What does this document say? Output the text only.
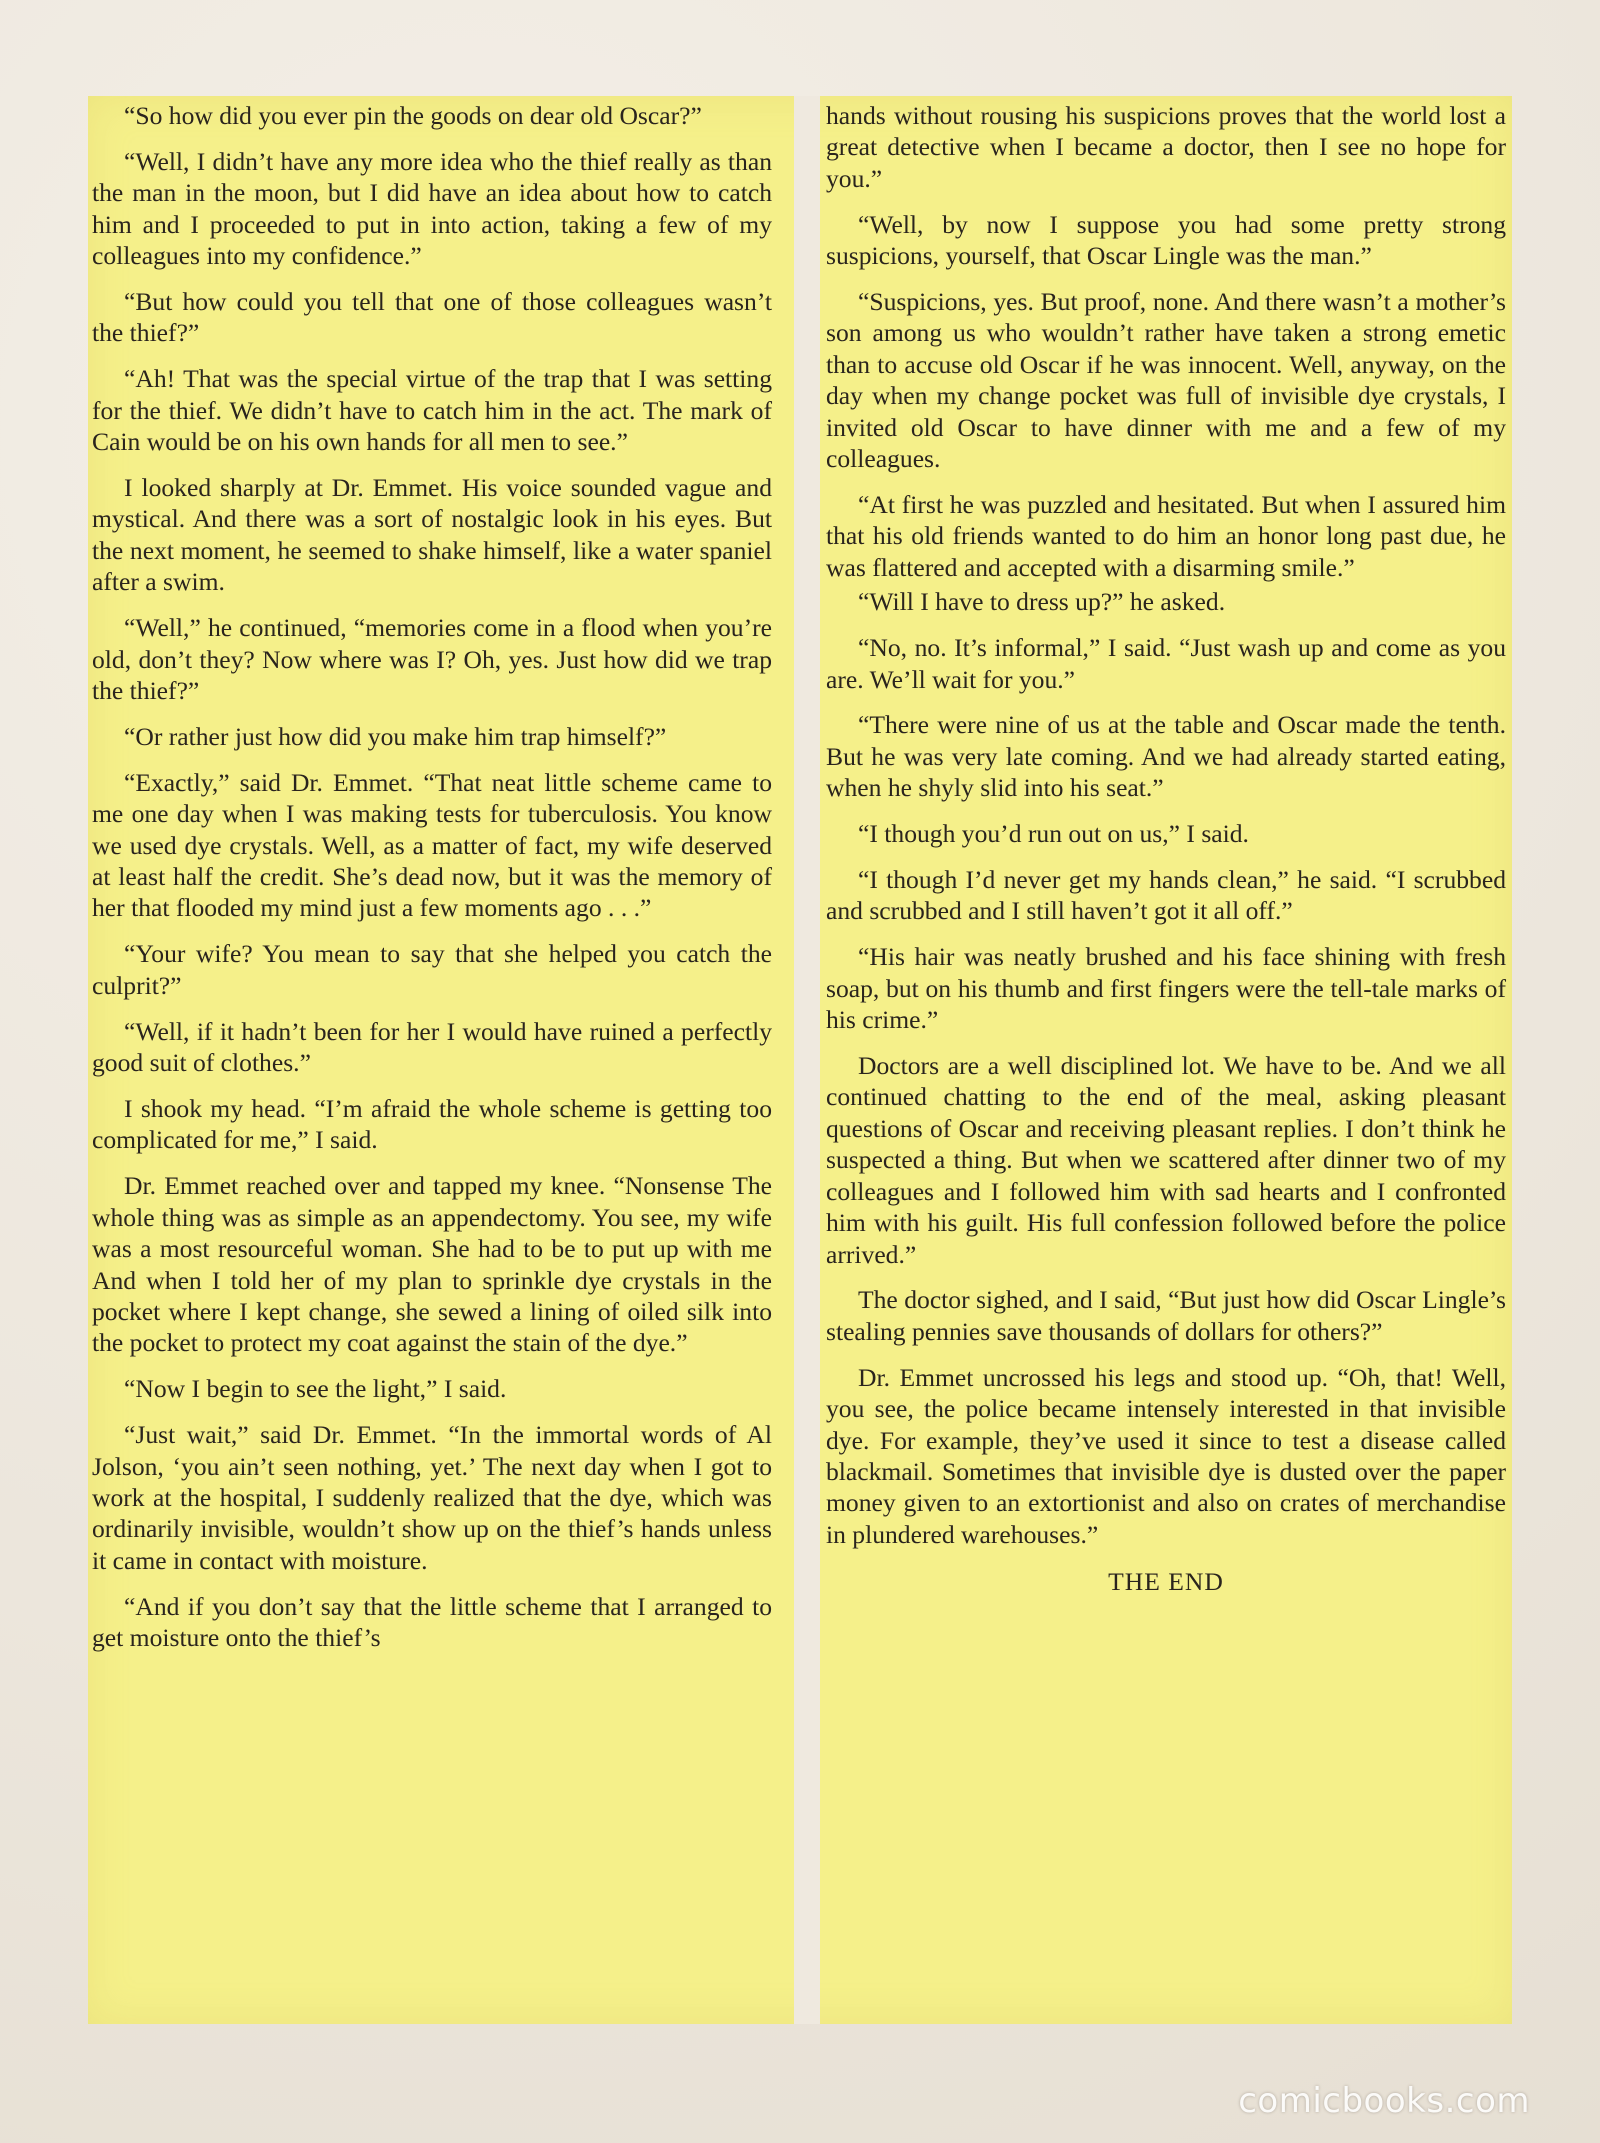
“So how did you ever pin the goods on dear old Oscar?”

“Well, I didn’t have any more idea who the thief really as than the man in the moon, but I did have an idea about how to catch him and I proceeded to put in into action, taking a few of my colleagues into my confidence.”

“But how could you tell that one of those colleagues wasn’t the thief?”

“Ah! That was the special virtue of the trap that I was setting for the thief. We didn’t have to catch him in the act. The mark of Cain would be on his own hands for all men to see.”

I looked sharply at Dr. Emmet. His voice sounded vague and mystical. And there was a sort of nostalgic look in his eyes. But the next moment, he seemed to shake himself, like a water spaniel after a swim.

“Well,” he continued, “memories come in a flood when you’re old, don’t they? Now where was I? Oh, yes. Just how did we trap the thief?”

“Or rather just how did you make him trap himself?”

“Exactly,” said Dr. Emmet. “That neat little scheme came to me one day when I was making tests for tuberculosis. You know we used dye crystals. Well, as a matter of fact, my wife deserved at least half the credit. She’s dead now, but it was the memory of her that flooded my mind just a few moments ago . . .”

“Your wife? You mean to say that she helped you catch the culprit?”

“Well, if it hadn’t been for her I would have ruined a perfectly good suit of clothes.”

I shook my head. “I’m afraid the whole scheme is getting too complicated for me,” I said.

Dr. Emmet reached over and tapped my knee. “Nonsense The whole thing was as simple as an appendectomy. You see, my wife was a most resourceful woman. She had to be to put up with me And when I told her of my plan to sprinkle dye crystals in the pocket where I kept change, she sewed a lining of oiled silk into the pocket to protect my coat against the stain of the dye.”

“Now I begin to see the light,” I said.

“Just wait,” said Dr. Emmet. “In the immortal words of Al Jolson, ‘you ain’t seen nothing, yet.’ The next day when I got to work at the hospital, I suddenly realized that the dye, which was ordinarily invisible, wouldn’t show up on the thief’s hands unless it came in contact with moisture.

“And if you don’t say that the little scheme that I arranged to get moisture onto the thief’s

hands without rousing his suspicions proves that the world lost a great detective when I became a doctor, then I see no hope for you.”

“Well, by now I suppose you had some pretty strong suspicions, yourself, that Oscar Lingle was the man.”

“Suspicions, yes. But proof, none. And there wasn’t a mother’s son among us who wouldn’t rather have taken a strong emetic than to accuse old Oscar if he was innocent. Well, anyway, on the day when my change pocket was full of invisible dye crystals, I invited old Oscar to have dinner with me and a few of my colleagues.

“At first he was puzzled and hesitated. But when I assured him that his old friends wanted to do him an honor long past due, he was flattered and accepted with a disarming smile.”

“Will I have to dress up?” he asked.

“No, no. It’s informal,” I said. “Just wash up and come as you are. We’ll wait for you.”

“There were nine of us at the table and Oscar made the tenth. But he was very late coming. And we had already started eating, when he shyly slid into his seat.”

“I though you’d run out on us,” I said.

“I though I’d never get my hands clean,” he said. “I scrubbed and scrubbed and I still haven’t got it all off.”

“His hair was neatly brushed and his face shining with fresh soap, but on his thumb and first fingers were the tell-tale marks of his crime.”

Doctors are a well disciplined lot. We have to be. And we all continued chatting to the end of the meal, asking pleasant questions of Oscar and receiving pleasant replies. I don’t think he suspected a thing. But when we scattered after dinner two of my colleagues and I followed him with sad hearts and I confronted him with his guilt. His full confession followed before the police arrived.”

The doctor sighed, and I said, “But just how did Oscar Lingle’s stealing pennies save thousands of dollars for others?”

Dr. Emmet uncrossed his legs and stood up. “Oh, that! Well, you see, the police became intensely interested in that invisible dye. For example, they’ve used it since to test a disease called blackmail. Sometimes that invisible dye is dusted over the paper money given to an extortionist and also on crates of merchandise in plundered warehouses.”

THE END

comicbooks.com
